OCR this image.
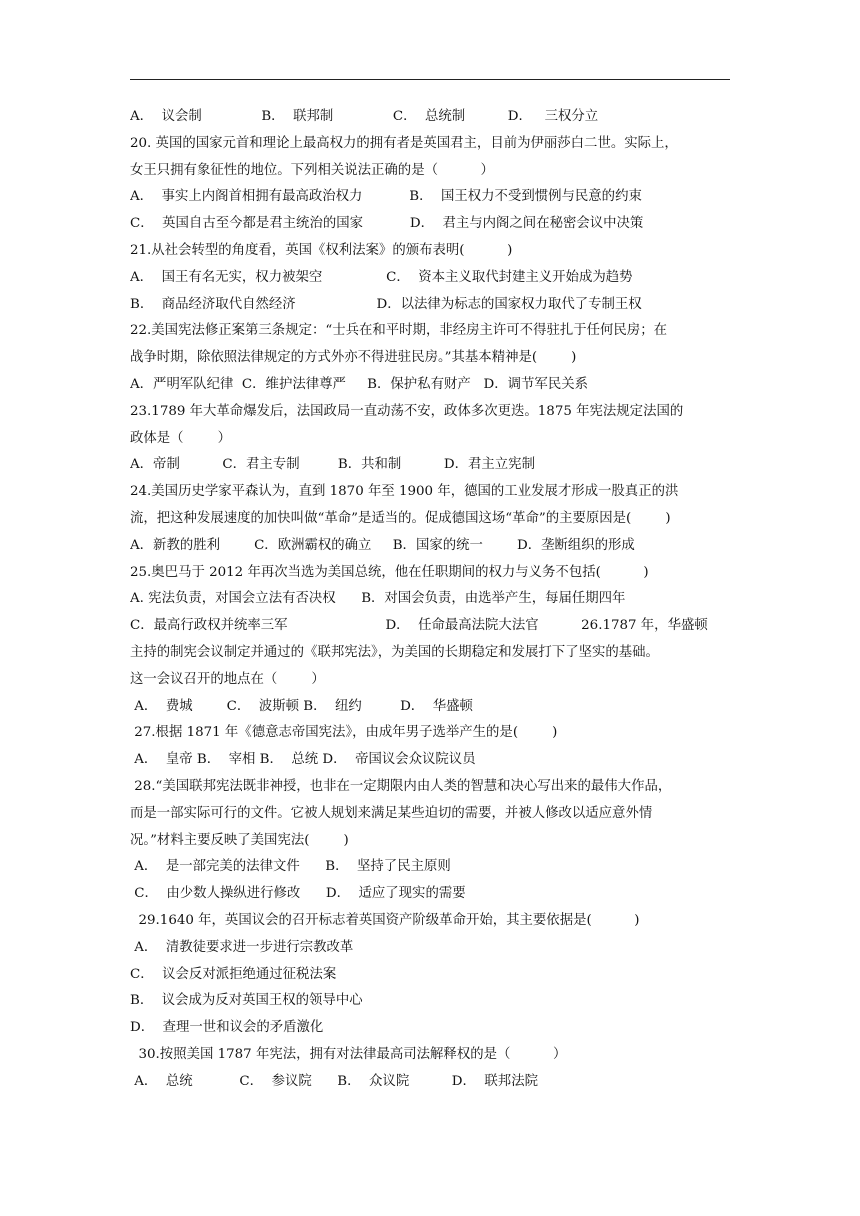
A．  议会制              B．  联邦制              C．  总统制          D．   三权分立
20. 英国的国家元首和理论上最高权力的拥有者是英国君主，目前为伊丽莎白二世。实际上，
女王只拥有象征性的地位。下列相关说法正确的是（          ）
A．  事实上内阁首相拥有最高政治权力           B．  国王权力不受到惯例与民意的约束
C．  英国自古至今都是君主统治的国家           D．  君主与内阁之间在秘密会议中决策
21.从社会转型的角度看，英国《权利法案》的颁布表明(          )
A．  国王有名无实，权力被架空               C．  资本主义取代封建主义开始成为趋势
B．  商品经济取代自然经济                   D．以法律为标志的国家权力取代了专制王权
22.美国宪法修正案第三条规定：“士兵在和平时期，非经房主许可不得驻扎于任何民房；在
战争时期，除依照法律规定的方式外亦不得进驻民房。”其基本精神是(        )
A．严明军队纪律  C．维护法律尊严     B．保护私有财产   D．调节军民关系
23.1789 年大革命爆发后，法国政局一直动荡不安，政体多次更迭。1875 年宪法规定法国的
政体是（        ）
A．帝制          C．君主专制         B．共和制          D．君主立宪制
24.美国历史学家平森认为，直到 1870 年至 1900 年，德国的工业发展才形成一股真正的洪
流，把这种发展速度的加快叫做“革命”是适当的。促成德国这场“革命”的主要原因是(        )
A．新教的胜利        C．欧洲霸权的确立     B．国家的统一        D．垄断组织的形成
25.奥巴马于 2012 年再次当选为美国总统，他在任职期间的权力与义务不包括(          )
A. 宪法负责，对国会立法有否决权      B．对国会负责，由选举产生，每届任期四年
C．最高行政权并统率三军                       D．  任命最高法院大法官          26.1787 年，华盛顿
主持的制宪会议制定并通过的《联邦宪法》，为美国的长期稳定和发展打下了坚实的基础。
这一会议召开的地点在（        ）
A．  费城        C．  波斯顿 B．  纽约         D．  华盛顿
27.根据 1871 年《德意志帝国宪法》，由成年男子选举产生的是(        )
A．  皇帝 B．  宰相 B．  总统 D．  帝国议会众议院议员
28.“美国联邦宪法既非神授，也非在一定期限内由人类的智慧和决心写出来的最伟大作品，
而是一部实际可行的文件。它被人规划来满足某些迫切的需要，并被人修改以适应意外情
况。”材料主要反映了美国宪法(        )
A．  是一部完美的法律文件      B．  坚持了民主原则
C．  由少数人操纵进行修改      D．  适应了现实的需要
29.1640 年，英国议会的召开标志着英国资产阶级革命开始，其主要依据是(          )
A．  清教徒要求进一步进行宗教改革
C．  议会反对派拒绝通过征税法案
B．  议会成为反对英国王权的领导中心
D．  查理一世和议会的矛盾激化
30.按照美国 1787 年宪法，拥有对法律最高司法解释权的是（          ）
A．  总统           C．  参议院      B．  众议院          D．  联邦法院
